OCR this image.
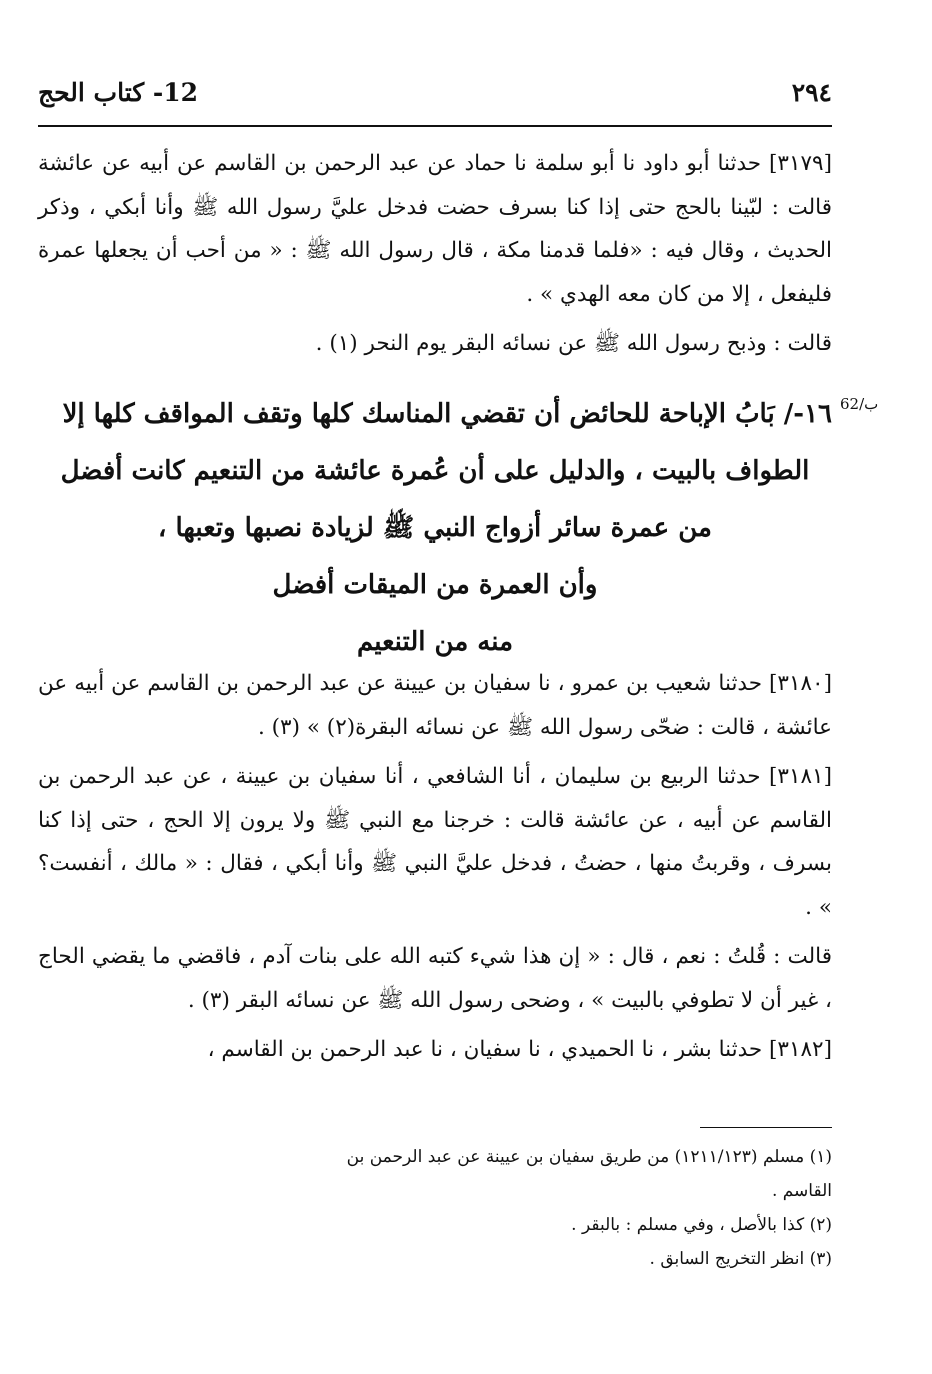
12- كتاب الحج	٢٩٤

[٣١٧٩] حدثنا أبو داود نا أبو سلمة نا حماد عن عبد الرحمن بن القاسم عن أبيه عن عائشة قالت : لبّينا بالحج حتى إذا كنا بسرف حضت فدخل عليَّ رسول الله ﷺ وأنا أبكي ، وذكر الحديث ، وقال فيه : «فلما قدمنا مكة ، قال رسول الله ﷺ : « من أحب أن يجعلها عمرة فليفعل ، إلا من كان معه الهدي » .

قالت : وذبح رسول الله ﷺ عن نسائه البقر يوم النحر (١) .

62/ب
١٦-/ بَابُ الإباحة للحائض أن تقضي المناسك كلها وتقف المواقف كلها إلا
الطواف بالبيت ، والدليل على أن عُمرة عائشة من التنعيم كانت أفضل
من عمرة سائر أزواج النبي ﷺ لزيادة نصبها وتعبها ،
وأن العمرة من الميقات أفضل
منه من التنعيم

[٣١٨٠] حدثنا شعيب بن عمرو ، نا سفيان بن عيينة عن عبد الرحمن بن القاسم عن أبيه عن عائشة ، قالت : ضحّى رسول الله ﷺ عن نسائه البقرة(٢) » (٣) .

[٣١٨١] حدثنا الربيع بن سليمان ، أنا الشافعي ، أنا سفيان بن عيينة ، عن عبد الرحمن بن القاسم عن أبيه ، عن عائشة قالت : خرجنا مع النبي ﷺ ولا يرون إلا الحج ، حتى إذا كنا بسرف ، وقربتُ منها ، حضتُ ، فدخل عليَّ النبي ﷺ وأنا أبكي ، فقال : « مالك ، أنفست؟ » .

قالت : قُلتُ : نعم ، قال : « إن هذا شيء كتبه الله على بنات آدم ، فاقضي ما يقضي الحاج ، غير أن لا تطوفي بالبيت » ، وضحى رسول الله ﷺ عن نسائه البقر (٣) .

[٣١٨٢] حدثنا بشر ، نا الحميدي ، نا سفيان ، نا عبد الرحمن بن القاسم ،

(١) مسلم (١٢١١/١٢٣) من طريق سفيان بن عيينة عن عبد الرحمن بن القاسم .
(٢) كذا بالأصل ، وفي مسلم : بالبقر .
(٣) انظر التخريج السابق .
